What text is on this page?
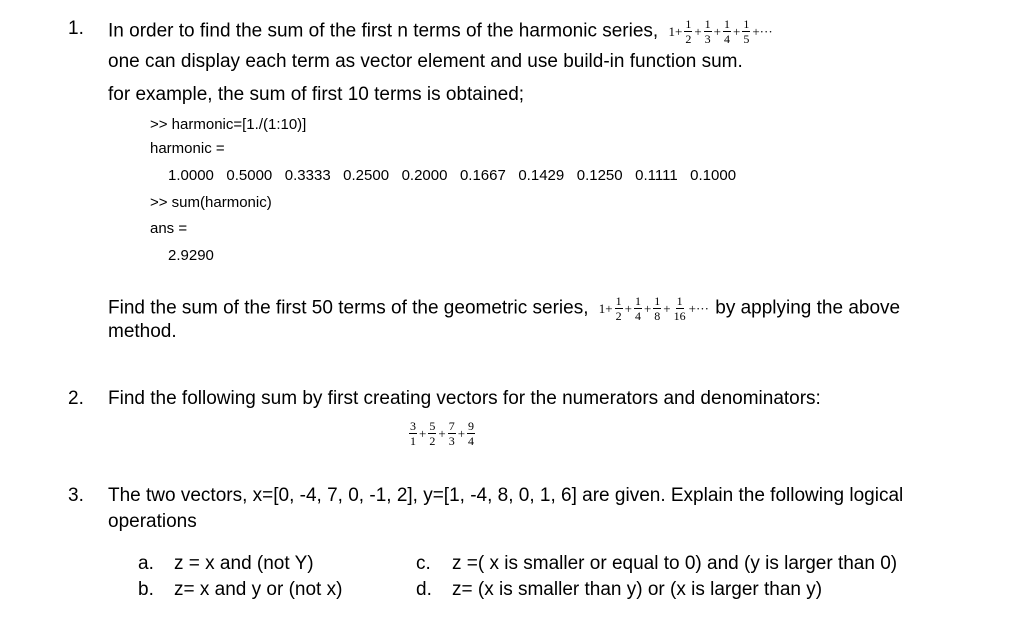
1. In order to find the sum of the first n terms of the harmonic series, $1+ \frac{1}{2} + \frac{1}{3} + \frac{1}{4} + \frac{1}{5}$ +···
one can display each term as vector element and use build-in function sum.
for example, the sum of first 10 terms is obtained;
>> harmonic=[1./(1:10)]
harmonic =
1.0000   0.5000   0.3333   0.2500   0.2000   0.1667   0.1429   0.1250   0.1111   0.1000
>> sum(harmonic)
ans =
2.9290
Find the sum of the first 50 terms of the geometric series, $1+ \frac{1}{2} + \frac{1}{4} + \frac{1}{8} + \frac{1}{16}$ +··· by applying the above
method.
2. Find the following sum by first creating vectors for the numerators and denominators:
$\frac{3}{1} + \frac{5}{2} + \frac{7}{3} + \frac{9}{4}$
3. The two vectors, x=[0, -4, 7, 0, -1, 2], y=[1, -4, 8, 0, 1, 6] are given. Explain the following logical
operations
a. z = x and (not Y)
b. z= x and y or (not x)
c. z =( x is smaller or equal to 0) and (y is larger than 0)
d. z= (x is smaller than y) or (x is larger than y)
